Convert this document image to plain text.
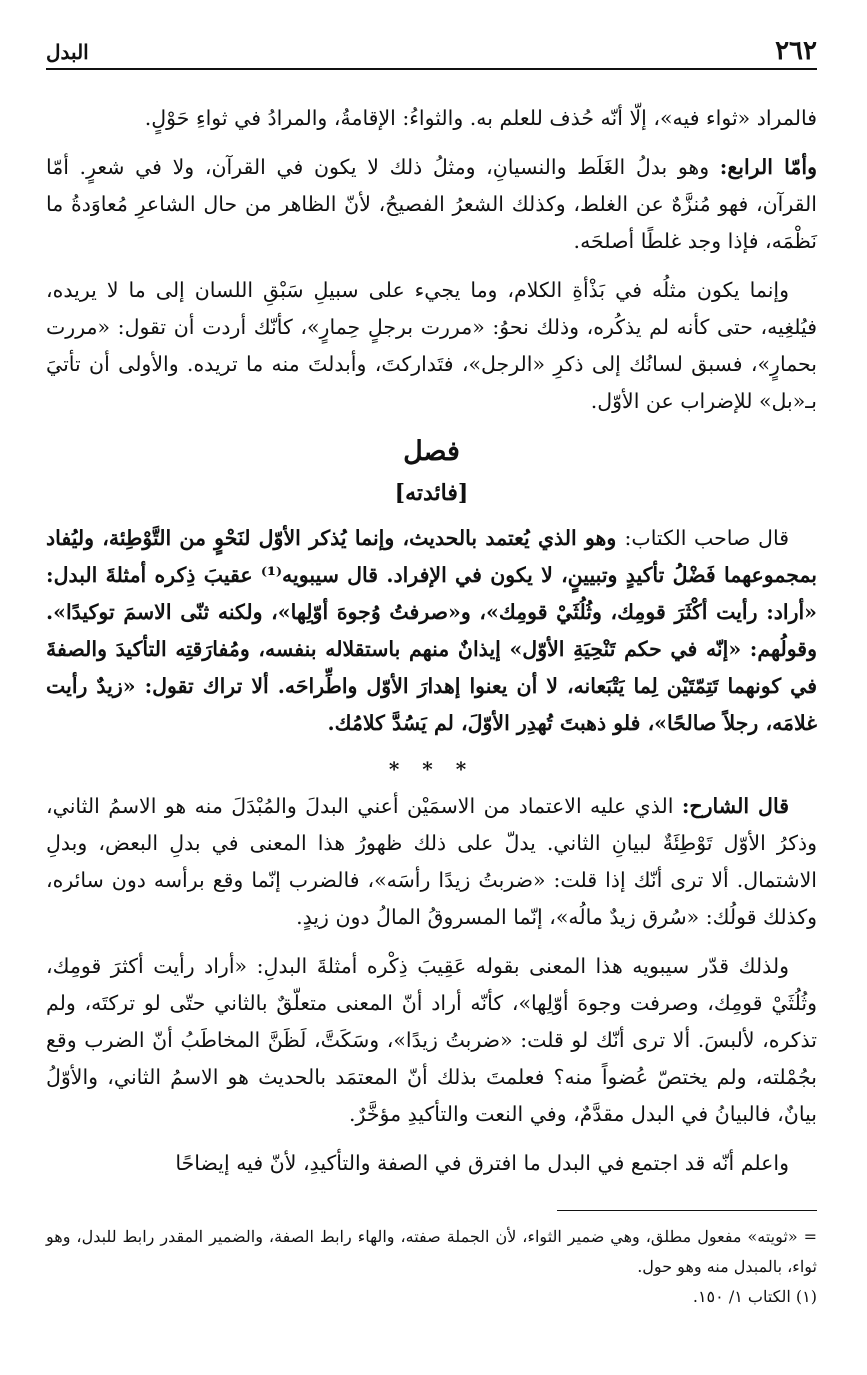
٢٦٢
البدل

فالمراد «ثواء فيه»، إلّا أنّه حُذف للعلم به. والثواءُ: الإقامةُ، والمرادُ في ثواءِ حَوْلٍ.

وأمّا الرابع: وهو بدلُ الغَلَط والنسيانِ، ومثلُ ذلك لا يكون في القرآن، ولا في شعرٍ. أمّا القرآن، فهو مُنزَّهٌ عن الغلط، وكذلك الشعرُ الفصيحُ، لأنّ الظاهر من حال الشاعرِ مُعاوَدةُ ما نَظْمَه، فإذا وجد غلطًا أصلحَه.

وإنما يكون مثلُه في بَذْأةِ الكلام، وما يجيء على سبيلِ سَبْقِ اللسان إلى ما لا يريده، فيُلغِيه، حتى كأنه لم يذكُره، وذلك نحوُ: «مررت برجلٍ حِمارٍ»، كأنّك أردت أن تقول: «مررت بحمارٍ»، فسبق لسانُك إلى ذكرِ «الرجل»، فتَداركتَ، وأبدلتَ منه ما تريده. والأولى أن تأتيَ بـ«بل» للإضراب عن الأوّل.

فصل
[فائدته]

قال صاحب الكتاب: وهو الذي يُعتمد بالحديث، وإنما يُذكر الأوّل لنَحْوٍ من التَّوْطِئة، وليُفاد بمجموعهما فَضْلُ تأكيدٍ وتبيينٍ، لا يكون في الإفراد. قال سيبويه⁽¹⁾ عقيبَ ذِكره أمثلةَ البدل: «أراد: رأيت أكْثَرَ قومِك، وثُلُثَيْ قومِك»، و«صرفتُ وُجوهَ أوّلِها»، ولكنه ثنّى الاسمَ توكيدًا». وقولُهم: «إنّه في حكم تَنْحِيَةِ الأوّل» إيذانٌ منهم باستقلاله بنفسه، ومُفارَقتِه التأكيدَ والصفةَ في كونهما تَتِمّتَيْن لِما يَتْبَعانه، لا أن يعنوا إهدارَ الأوّل واطِّراحَه. ألا تراك تقول: «زيدٌ رأيت غلامَه، رجلاً صالحًا»، فلو ذهبتَ تُهدِر الأوّلَ، لم يَسُدَّ كلامُك.

* * *

قال الشارح: الذي عليه الاعتماد من الاسمَيْن أعني البدلَ والمُبْدَلَ منه هو الاسمُ الثاني، وذكرُ الأوّل تَوْطِئَةٌ لبيانِ الثاني. يدلّ على ذلك ظهورُ هذا المعنى في بدلِ البعض، وبدلِ الاشتمال. ألا ترى أنّك إذا قلت: «ضربتُ زيدًا رأسَه»، فالضرب إنّما وقع برأسه دون سائره، وكذلك قولُك: «سُرق زيدٌ مالُه»، إنّما المسروقُ المالُ دون زيدٍ.

ولذلك قدّر سيبويه هذا المعنى بقوله عَقِيبَ ذِكْره أمثلةَ البدلِ: «أراد رأيت أكثرَ قومِك، وثُلُثَيْ قومِك، وصرفت وجوهَ أوّلِها»، كأنّه أراد أنّ المعنى متعلّقٌ بالثاني حتّى لو تركتَه، ولم تذكره، لألبسَ. ألا ترى أنّك لو قلت: «ضربتُ زيدًا»، وسَكَتَّ، لَظَنَّ المخاطَبُ أنّ الضرب وقع بجُمْلته، ولم يختصّ عُضواً منه؟ فعلمتَ بذلك أنّ المعتمَد بالحديث هو الاسمُ الثاني، والأوّلُ بيانٌ، فالبيانُ في البدل مقدَّمٌ، وفي النعت والتأكيدِ مؤخَّرٌ.

واعلم أنّه قد اجتمع في البدل ما افترق في الصفة والتأكيدِ، لأنّ فيه إيضاحًا

= «ثويته» مفعول مطلق، وهي ضمير الثواء، لأن الجملة صفته، والهاء رابط الصفة، والضمير المقدر رابط للبدل، وهو ثواء، بالمبدل منه وهو حول.

(١) الكتاب ١/ ١٥٠.
